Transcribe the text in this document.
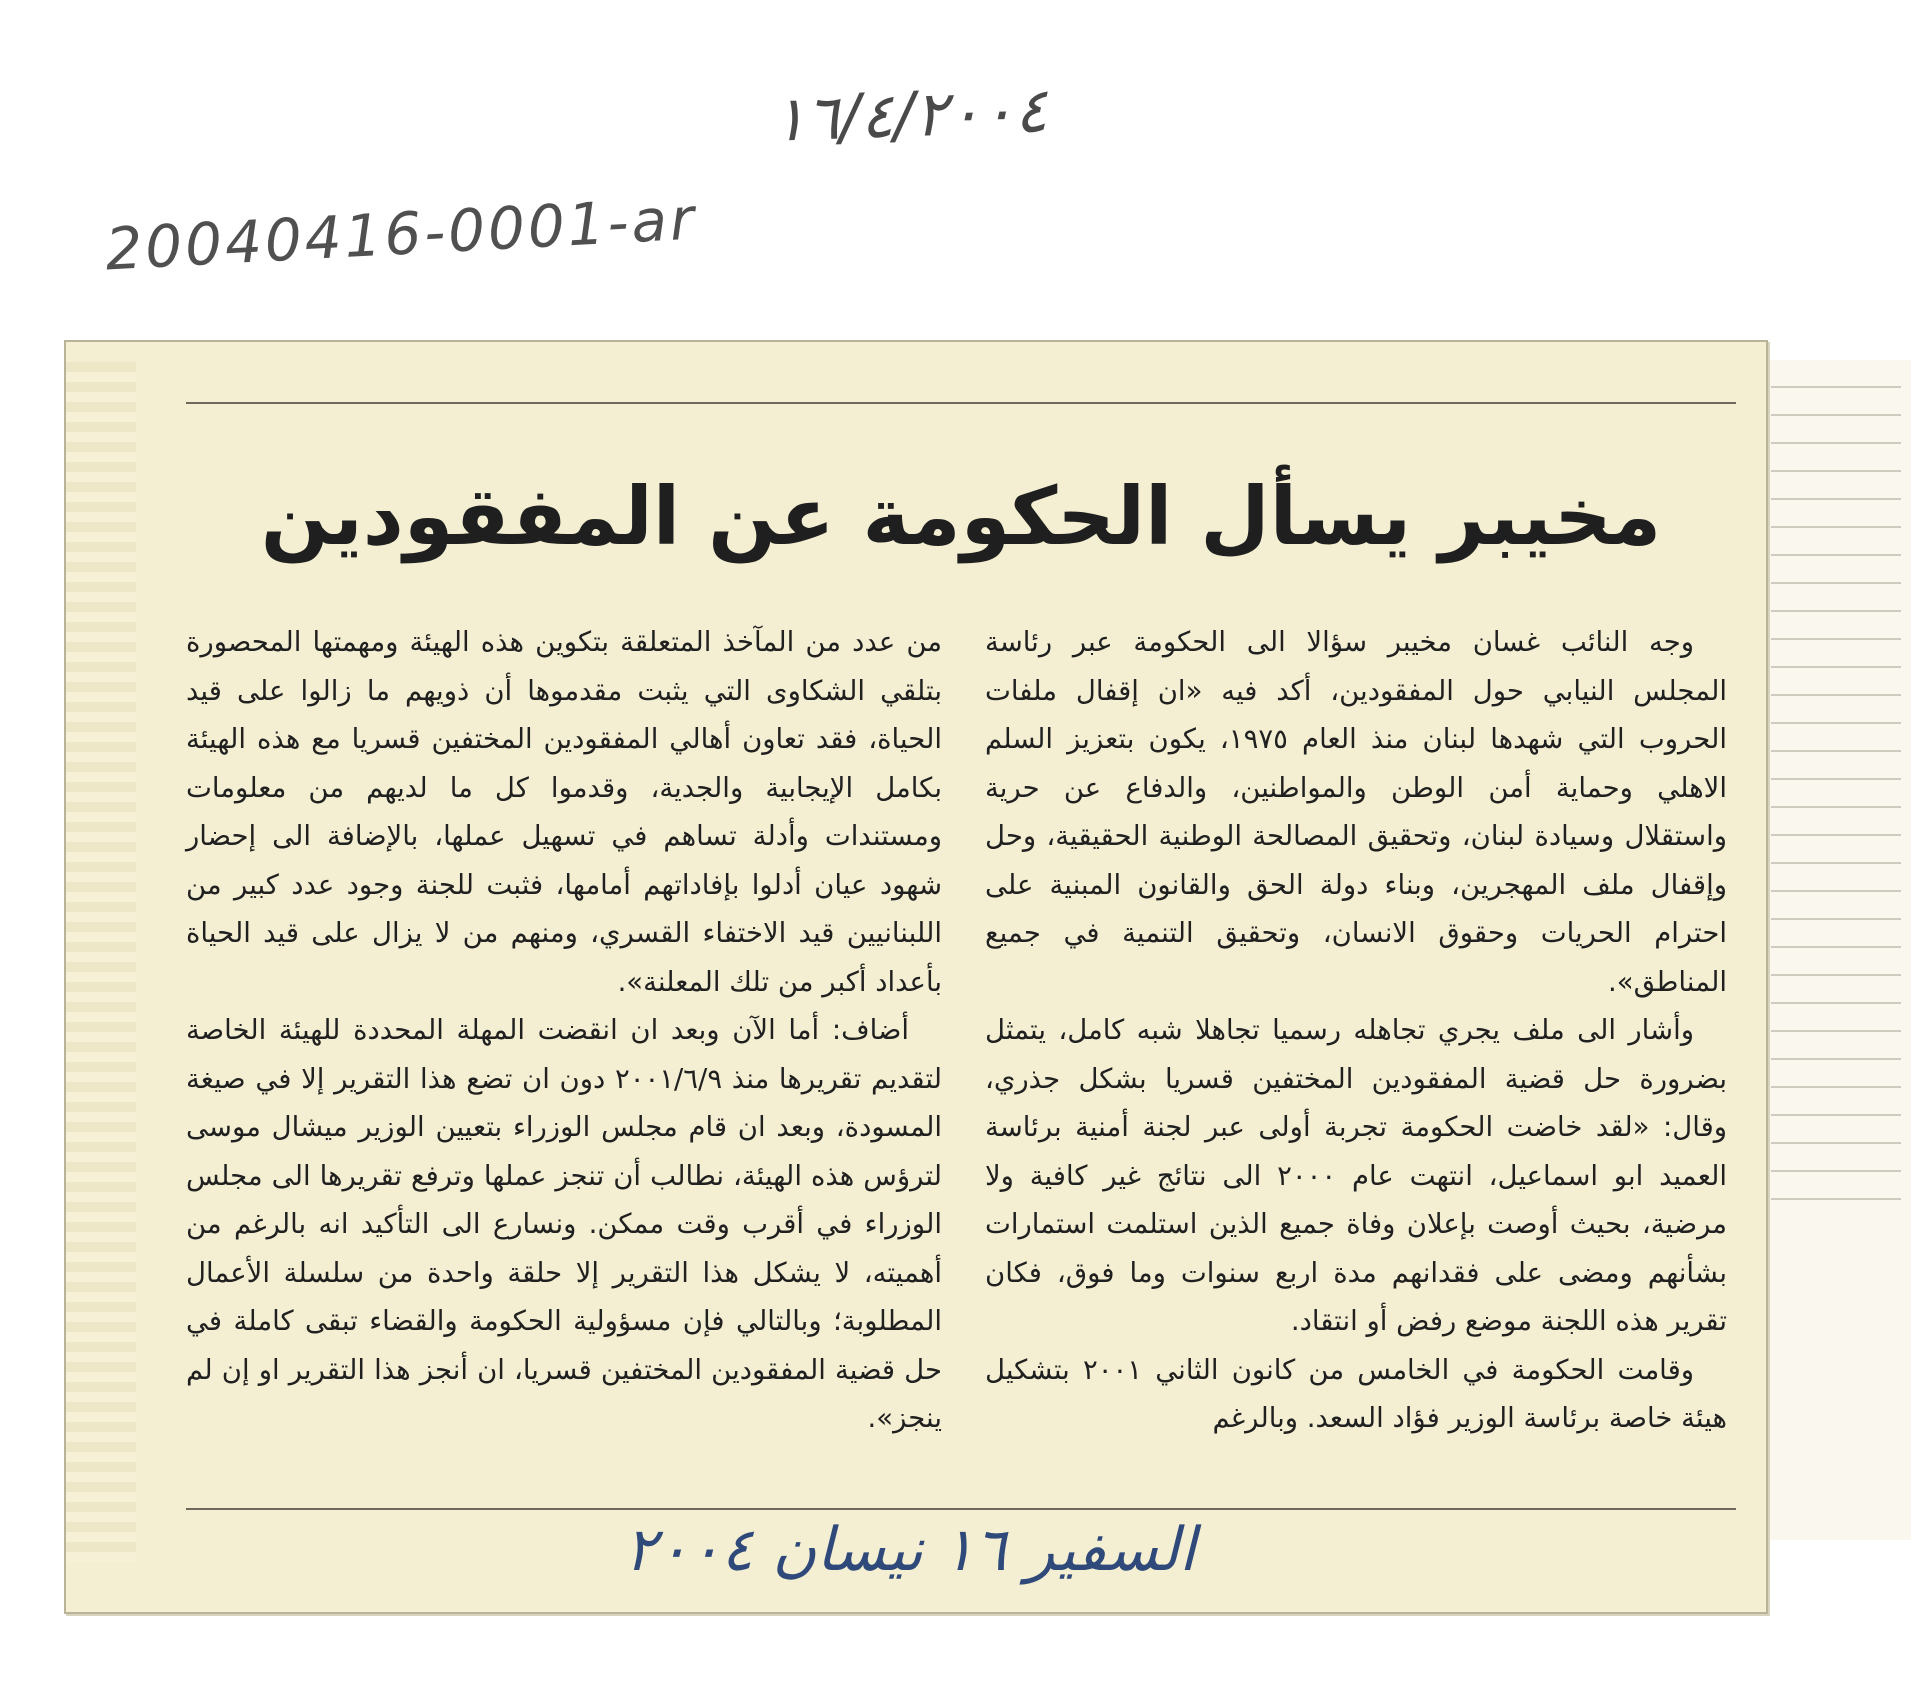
١٦/٤/٢٠٠٤
20040416-0001-ar
مخيبر يسأل الحكومة عن المفقودين

وجه النائب غسان مخيبر سؤالا الى الحكومة عبر رئاسة المجلس النيابي حول المفقودين، أكد فيه «ان إقفال ملفات الحروب التي شهدها لبنان منذ العام ١٩٧٥، يكون بتعزيز السلم الاهلي وحماية أمن الوطن والمواطنين، والدفاع عن حرية واستقلال وسيادة لبنان، وتحقيق المصالحة الوطنية الحقيقية، وحل وإقفال ملف المهجرين، وبناء دولة الحق والقانون المبنية على احترام الحريات وحقوق الانسان، وتحقيق التنمية في جميع المناطق».

وأشار الى ملف يجري تجاهله رسميا تجاهلا شبه كامل، يتمثل بضرورة حل قضية المفقودين المختفين قسريا بشكل جذري، وقال: «لقد خاضت الحكومة تجربة أولى عبر لجنة أمنية برئاسة العميد ابو اسماعيل، انتهت عام ٢٠٠٠ الى نتائج غير كافية ولا مرضية، بحيث أوصت بإعلان وفاة جميع الذين استلمت استمارات بشأنهم ومضى على فقدانهم مدة اربع سنوات وما فوق، فكان تقرير هذه اللجنة موضع رفض أو انتقاد.

وقامت الحكومة في الخامس من كانون الثاني ٢٠٠١ بتشكيل هيئة خاصة برئاسة الوزير فؤاد السعد. وبالرغم

من عدد من المآخذ المتعلقة بتكوين هذه الهيئة ومهمتها المحصورة بتلقي الشكاوى التي يثبت مقدموها أن ذويهم ما زالوا على قيد الحياة، فقد تعاون أهالي المفقودين المختفين قسريا مع هذه الهيئة بكامل الإيجابية والجدية، وقدموا كل ما لديهم من معلومات ومستندات وأدلة تساهم في تسهيل عملها، بالإضافة الى إحضار شهود عيان أدلوا بإفاداتهم أمامها، فثبت للجنة وجود عدد كبير من اللبنانيين قيد الاختفاء القسري، ومنهم من لا يزال على قيد الحياة بأعداد أكبر من تلك المعلنة».

أضاف: أما الآن وبعد ان انقضت المهلة المحددة للهيئة الخاصة لتقديم تقريرها منذ ٢٠٠١/٦/٩ دون ان تضع هذا التقرير إلا في صيغة المسودة، وبعد ان قام مجلس الوزراء بتعيين الوزير ميشال موسى لترؤس هذه الهيئة، نطالب أن تنجز عملها وترفع تقريرها الى مجلس الوزراء في أقرب وقت ممكن. ونسارع الى التأكيد انه بالرغم من أهميته، لا يشكل هذا التقرير إلا حلقة واحدة من سلسلة الأعمال المطلوبة؛ وبالتالي فإن مسؤولية الحكومة والقضاء تبقى كاملة في حل قضية المفقودين المختفين قسريا، ان أنجز هذا التقرير او إن لم ينجز».

السفير ١٦ نيسان ٢٠٠٤
